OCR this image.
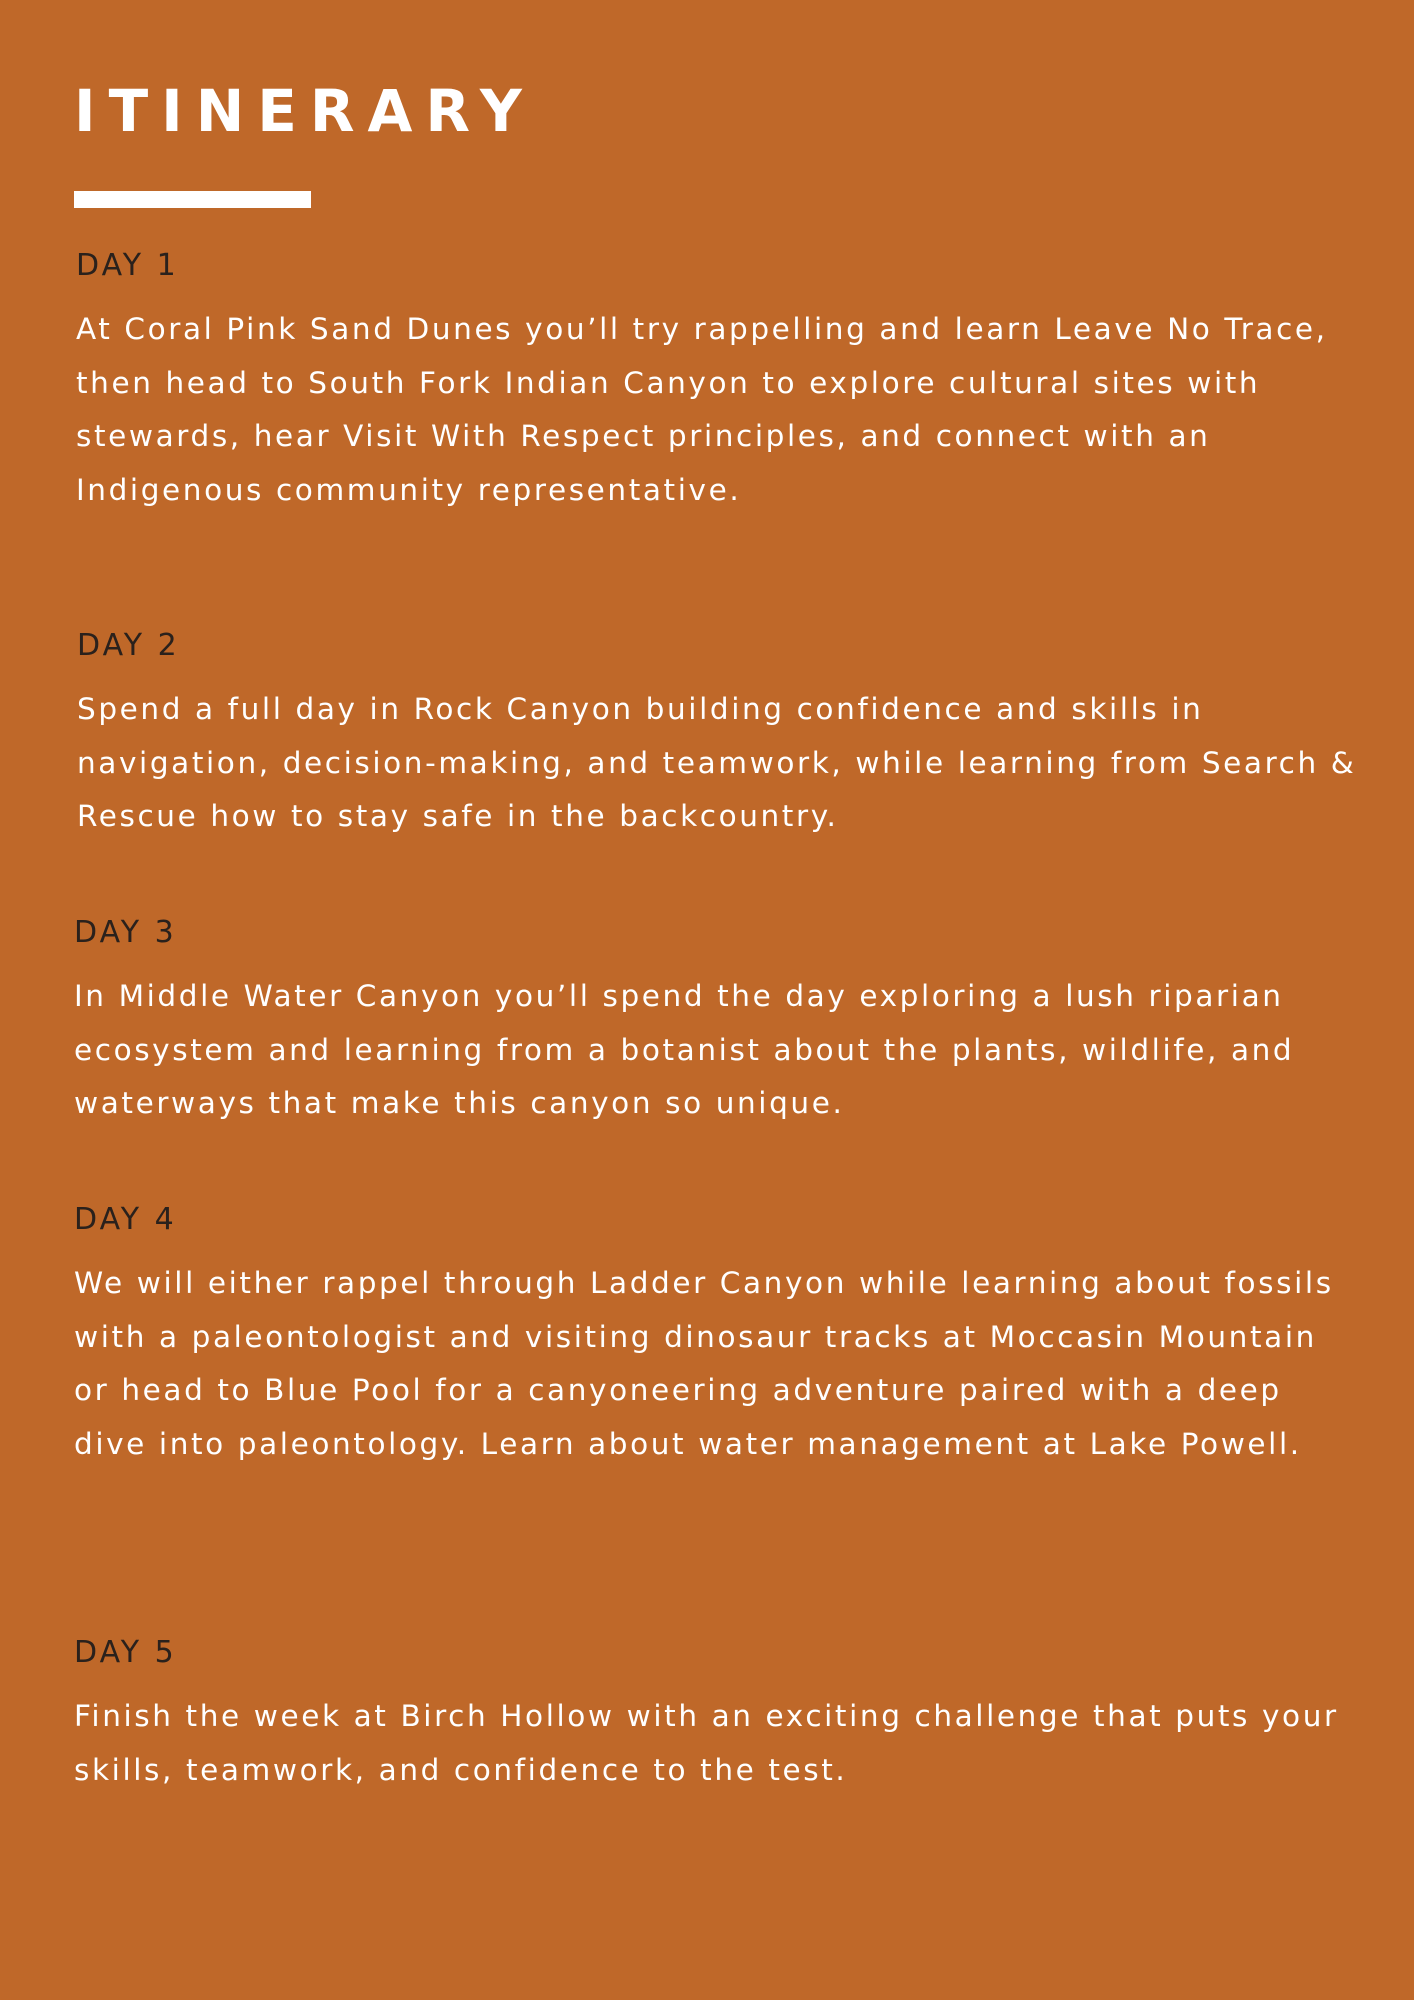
ITINERARY
DAY 1

At Coral Pink Sand Dunes you’ll try rappelling and learn Leave No Trace, then head to South Fork Indian Canyon to explore cultural sites with stewards, hear Visit With Respect principles, and connect with an Indigenous community representative.

DAY 2

Spend a full day in Rock Canyon building confidence and skills in navigation, decision-making, and teamwork, while learning from Search & Rescue how to stay safe in the backcountry.

DAY 3

In Middle Water Canyon you’ll spend the day exploring a lush riparian ecosystem and learning from a botanist about the plants, wildlife, and waterways that make this canyon so unique.

DAY 4

We will either rappel through Ladder Canyon while learning about fossils with a paleontologist and visiting dinosaur tracks at Moccasin Mountain or head to Blue Pool for a canyoneering adventure paired with a deep dive into paleontology. Learn about water management at Lake Powell.

DAY 5

Finish the week at Birch Hollow with an exciting challenge that puts your skills, teamwork, and confidence to the test.
